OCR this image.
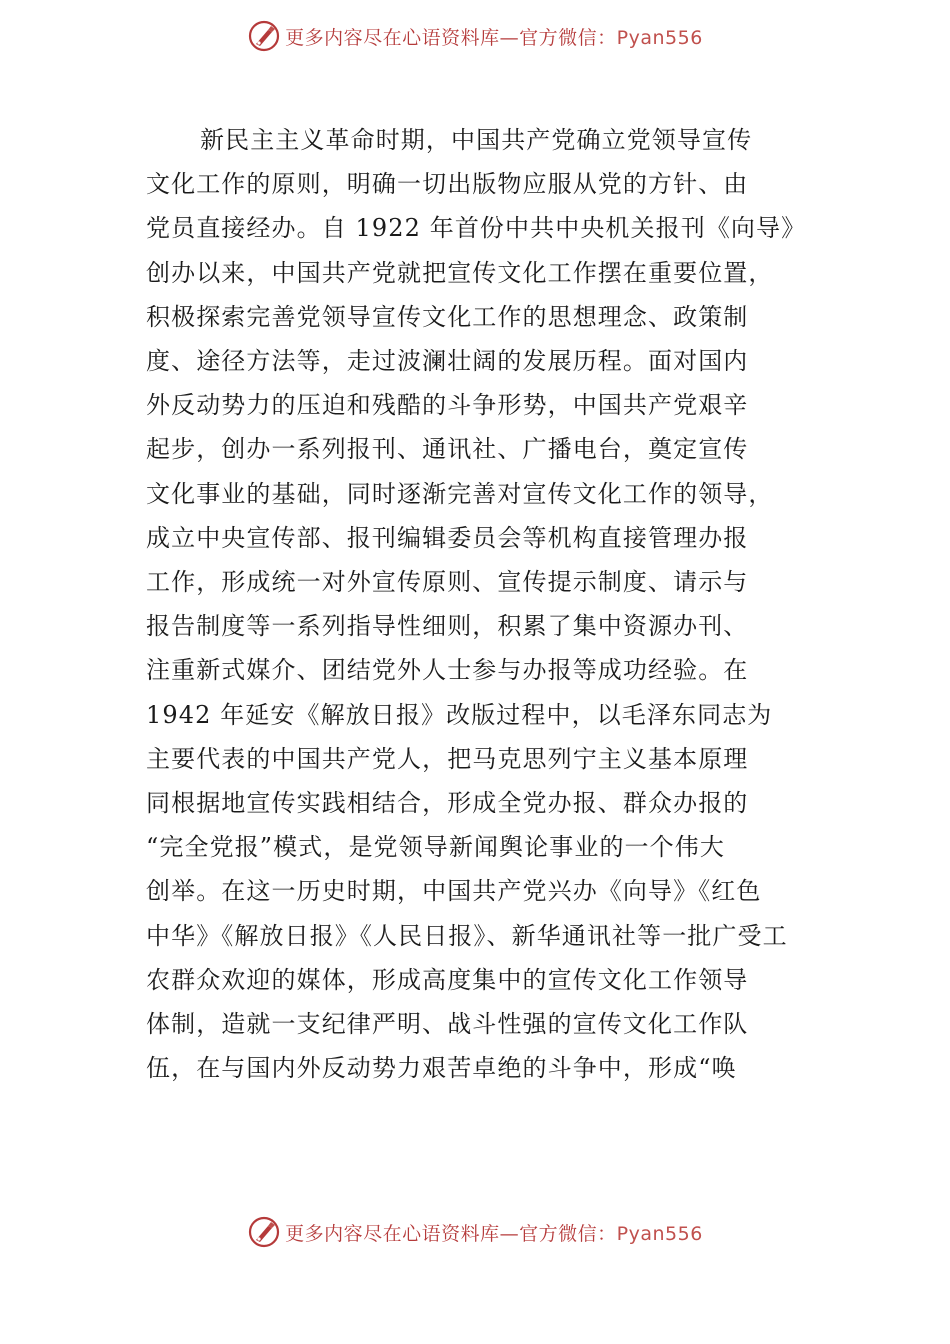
更多内容尽在心语资料库—官方微信：Pyan556

新民主主义革命时期，中国共产党确立党领导宣传
文化工作的原则，明确一切出版物应服从党的方针、由
党员直接经办。自 1922 年首份中共中央机关报刊《向导》
创办以来，中国共产党就把宣传文化工作摆在重要位置，
积极探索完善党领导宣传文化工作的思想理念、政策制
度、途径方法等，走过波澜壮阔的发展历程。面对国内
外反动势力的压迫和残酷的斗争形势，中国共产党艰辛
起步，创办一系列报刊、通讯社、广播电台，奠定宣传
文化事业的基础，同时逐渐完善对宣传文化工作的领导，
成立中央宣传部、报刊编辑委员会等机构直接管理办报
工作，形成统一对外宣传原则、宣传提示制度、请示与
报告制度等一系列指导性细则，积累了集中资源办刊、
注重新式媒介、团结党外人士参与办报等成功经验。在
1942 年延安《解放日报》改版过程中，以毛泽东同志为
主要代表的中国共产党人，把马克思列宁主义基本原理
同根据地宣传实践相结合，形成全党办报、群众办报的
“完全党报”模式，是党领导新闻舆论事业的一个伟大
创举。在这一历史时期，中国共产党兴办《向导》《红色
中华》《解放日报》《人民日报》、新华通讯社等一批广受工
农群众欢迎的媒体，形成高度集中的宣传文化工作领导
体制，造就一支纪律严明、战斗性强的宣传文化工作队
伍，在与国内外反动势力艰苦卓绝的斗争中，形成“唤

更多内容尽在心语资料库—官方微信：Pyan556
